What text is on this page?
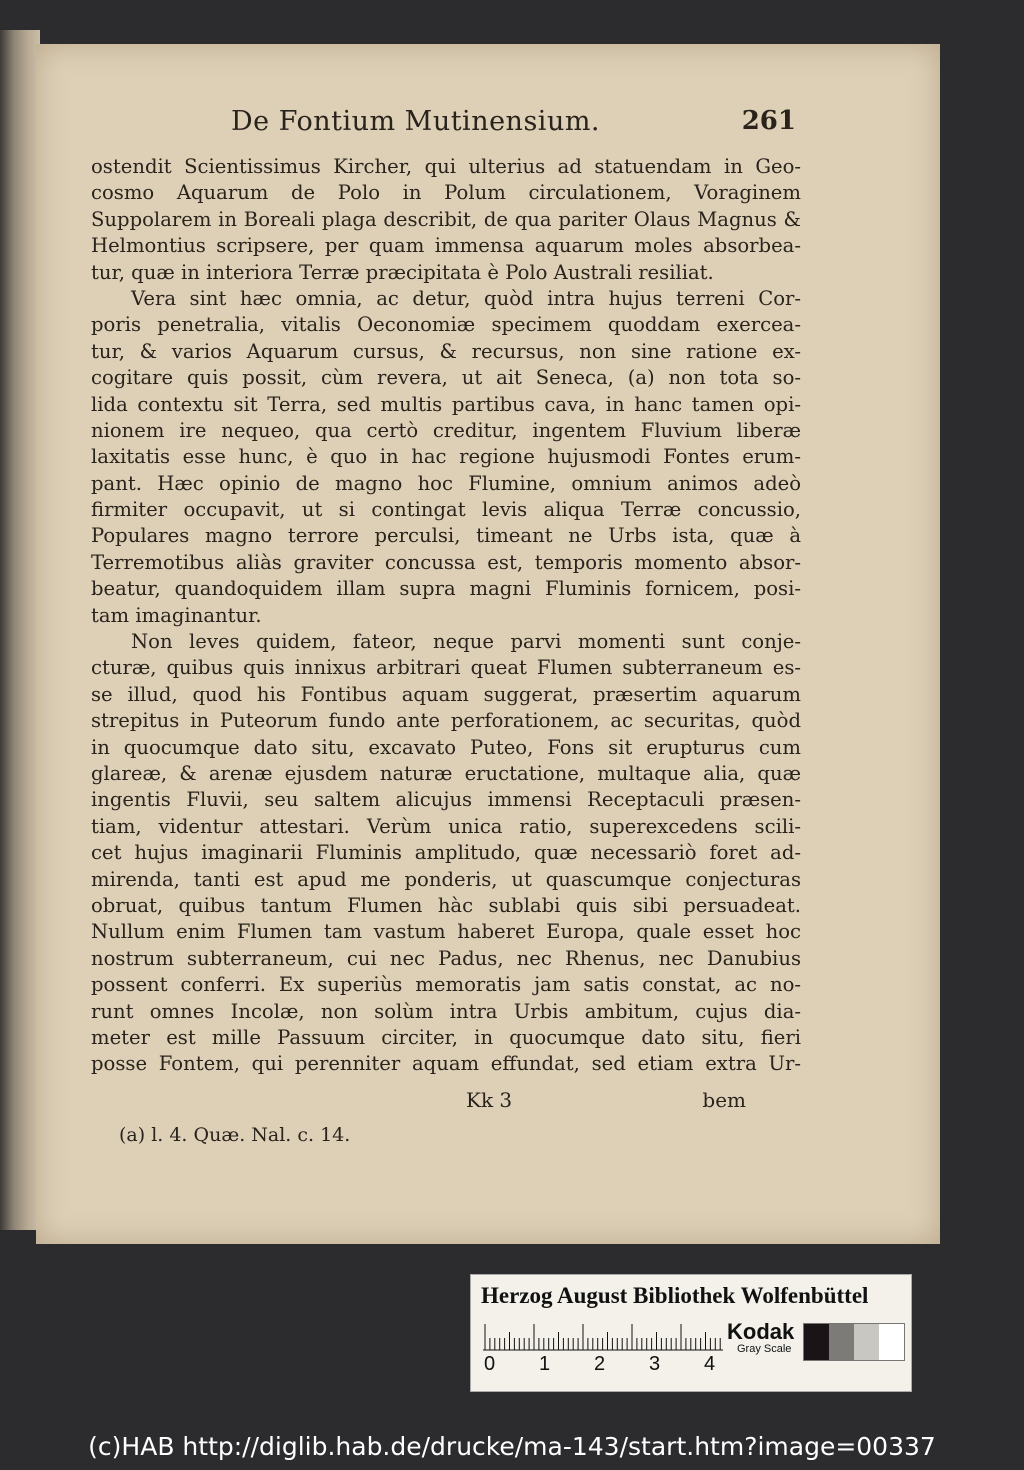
De Fontium Mutinensium.	261
ostendit Scientissimus Kircher, qui ulterius ad statuendam in Geo-
cosmo Aquarum de Polo in Polum circulationem, Voraginem
Suppolarem in Boreali plaga describit, de qua pariter Olaus Magnus &
Helmontius scripsere, per quam immensa aquarum moles absorbea-
tur, quæ in interiora Terræ præcipitata è Polo Australi resiliat.
Vera sint hæc omnia, ac detur, quòd intra hujus terreni Cor-
poris penetralia, vitalis Oeconomiæ specimem quoddam exercea-
tur, & varios Aquarum cursus, & recursus, non sine ratione ex-
cogitare quis possit, cùm revera, ut ait Seneca, (a) non tota so-
lida contextu sit Terra, sed multis partibus cava, in hanc tamen opi-
nionem ire nequeo, qua certò creditur, ingentem Fluvium liberæ
laxitatis esse hunc, è quo in hac regione hujusmodi Fontes erum-
pant. Hæc opinio de magno hoc Flumine, omnium animos adeò
firmiter occupavit, ut si contingat levis aliqua Terræ concussio,
Populares magno terrore perculsi, timeant ne Urbs ista, quæ à
Terremotibus aliàs graviter concussa est, temporis momento absor-
beatur, quandoquidem illam supra magni Fluminis fornicem, posi-
tam imaginantur.
Non leves quidem, fateor, neque parvi momenti sunt conje-
cturæ, quibus quis innixus arbitrari queat Flumen subterraneum es-
se illud, quod his Fontibus aquam suggerat, præsertim aquarum
strepitus in Puteorum fundo ante perforationem, ac securitas, quòd
in quocumque dato situ, excavato Puteo, Fons sit erupturus cum
glareæ, & arenæ ejusdem naturæ eructatione, multaque alia, quæ
ingentis Fluvii, seu saltem alicujus immensi Receptaculi præsen-
tiam, videntur attestari. Verùm unica ratio, superexcedens scili-
cet hujus imaginarii Fluminis amplitudo, quæ necessariò foret ad-
mirenda, tanti est apud me ponderis, ut quascumque conjecturas
obruat, quibus tantum Flumen hàc sublabi quis sibi persuadeat.
Nullum enim Flumen tam vastum haberet Europa, quale esset hoc
nostrum subterraneum, cui nec Padus, nec Rhenus, nec Danubius
possent conferri. Ex superiùs memoratis jam satis constat, ac no-
runt omnes Incolæ, non solùm intra Urbis ambitum, cujus dia-
meter est mille Passuum circiter, in quocumque dato situ, fieri
posse Fontem, qui perenniter aquam effundat, sed etiam extra Ur-
Kk 3	bem
(a) l. 4. Quæ. Nal. c. 14.
Herzog August Bibliothek Wolfenbüttel
0 1 2 3 4
Kodak
Gray Scale
(c)HAB http://diglib.hab.de/drucke/ma-143/start.htm?image=00337
